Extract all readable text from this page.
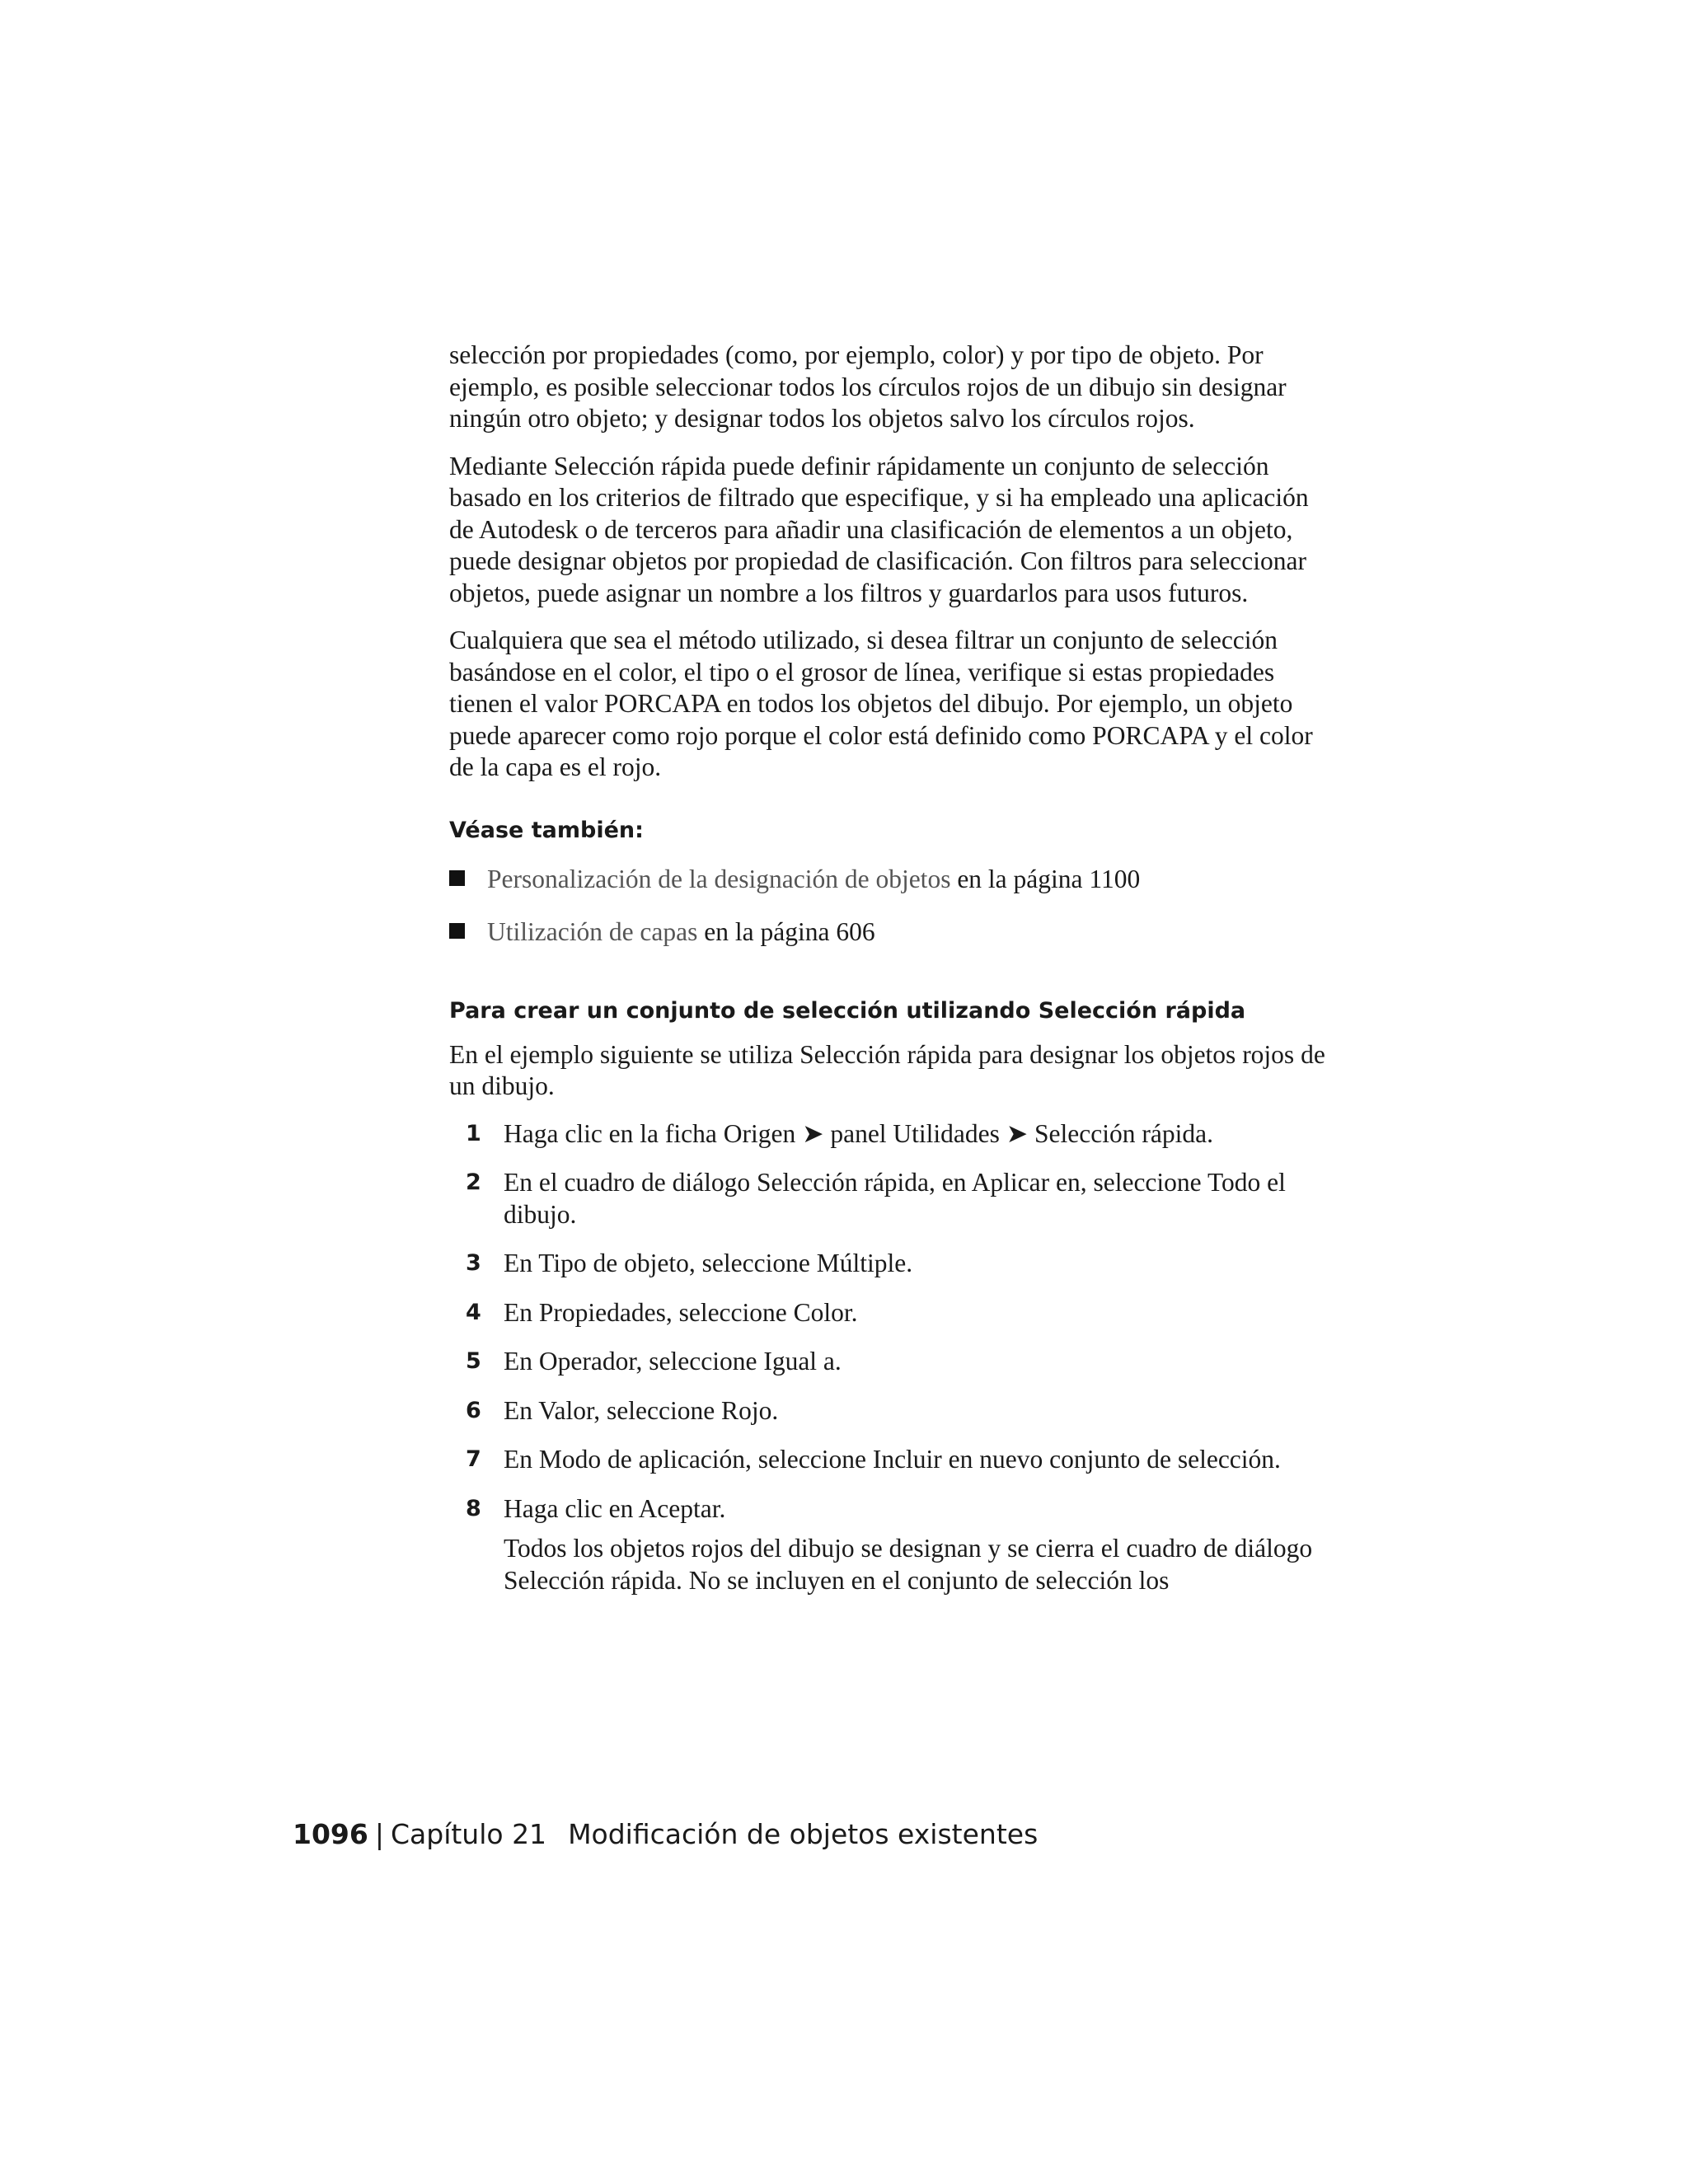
selección por propiedades (como, por ejemplo, color) y por tipo de objeto. Por ejemplo, es posible seleccionar todos los círculos rojos de un dibujo sin designar ningún otro objeto; y designar todos los objetos salvo los círculos rojos.

Mediante Selección rápida puede definir rápidamente un conjunto de selección basado en los criterios de filtrado que especifique, y si ha empleado una aplicación de Autodesk o de terceros para añadir una clasificación de elementos a un objeto, puede designar objetos por propiedad de clasificación. Con filtros para seleccionar objetos, puede asignar un nombre a los filtros y guardarlos para usos futuros.

Cualquiera que sea el método utilizado, si desea filtrar un conjunto de selección basándose en el color, el tipo o el grosor de línea, verifique si estas propiedades tienen el valor PORCAPA en todos los objetos del dibujo. Por ejemplo, un objeto puede aparecer como rojo porque el color está definido como PORCAPA y el color de la capa es el rojo.

Véase también:
Personalización de la designación de objetos en la página 1100
Utilización de capas en la página 606
Para crear un conjunto de selección utilizando Selección rápida

En el ejemplo siguiente se utiliza Selección rápida para designar los objetos rojos de un dibujo.

1 Haga clic en la ficha Origen ➤ panel Utilidades ➤ Selección rápida.
2 En el cuadro de diálogo Selección rápida, en Aplicar en, seleccione Todo el dibujo.
3 En Tipo de objeto, seleccione Múltiple.
4 En Propiedades, seleccione Color.
5 En Operador, seleccione Igual a.
6 En Valor, seleccione Rojo.
7 En Modo de aplicación, seleccione Incluir en nuevo conjunto de selección.
8 Haga clic en Aceptar.
Todos los objetos rojos del dibujo se designan y se cierra el cuadro de diálogo Selección rápida. No se incluyen en el conjunto de selección los
1096 | Capítulo 21 Modificación de objetos existentes
